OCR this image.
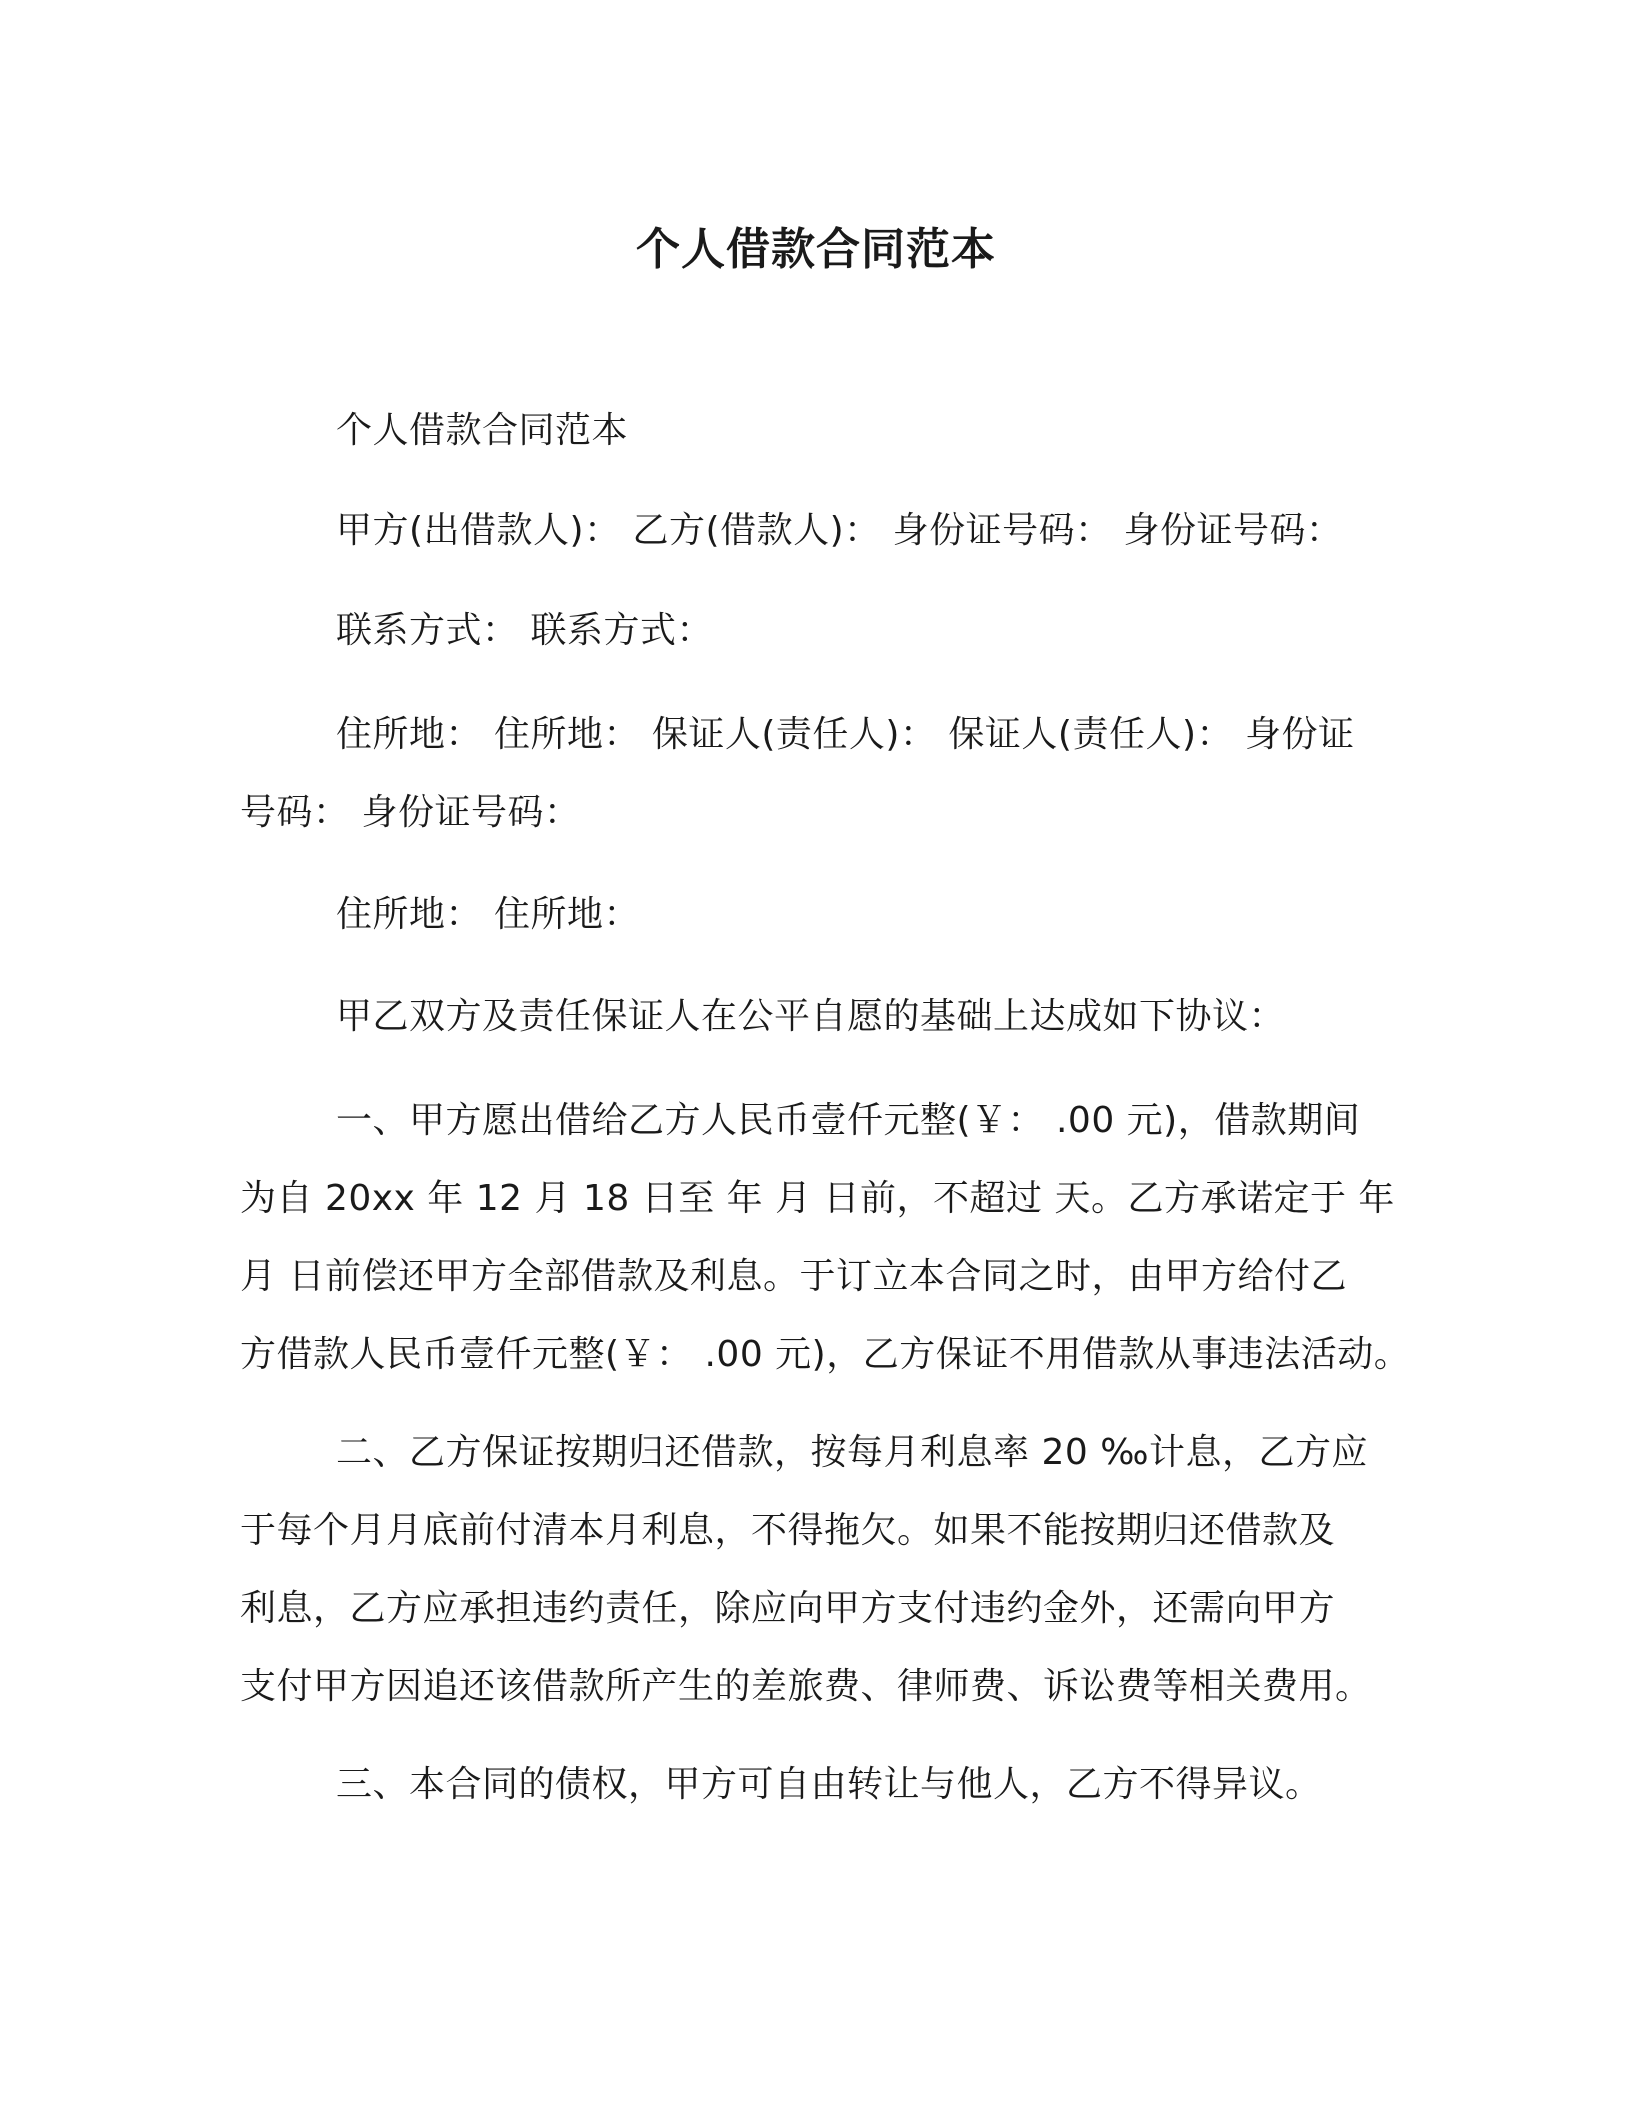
个人借款合同范本
个人借款合同范本
甲方(出借款人)： 乙方(借款人)： 身份证号码： 身份证号码：
联系方式： 联系方式：
住所地： 住所地： 保证人(责任人)： 保证人(责任人)： 身份证
号码： 身份证号码：
住所地： 住所地：
甲乙双方及责任保证人在公平自愿的基础上达成如下协议：
一、甲方愿出借给乙方人民币壹仟元整(￥： .00 元)，借款期间
为自 20xx 年 12 月 18 日至 年 月 日前，不超过 天。乙方承诺定于 年
月 日前偿还甲方全部借款及利息。于订立本合同之时，由甲方给付乙
方借款人民币壹仟元整(￥： .00 元)，乙方保证不用借款从事违法活动。
二、乙方保证按期归还借款，按每月利息率 20 ‰计息，乙方应
于每个月月底前付清本月利息，不得拖欠。如果不能按期归还借款及
利息，乙方应承担违约责任，除应向甲方支付违约金外，还需向甲方
支付甲方因追还该借款所产生的差旅费、律师费、诉讼费等相关费用。
三、本合同的债权，甲方可自由转让与他人，乙方不得异议。
